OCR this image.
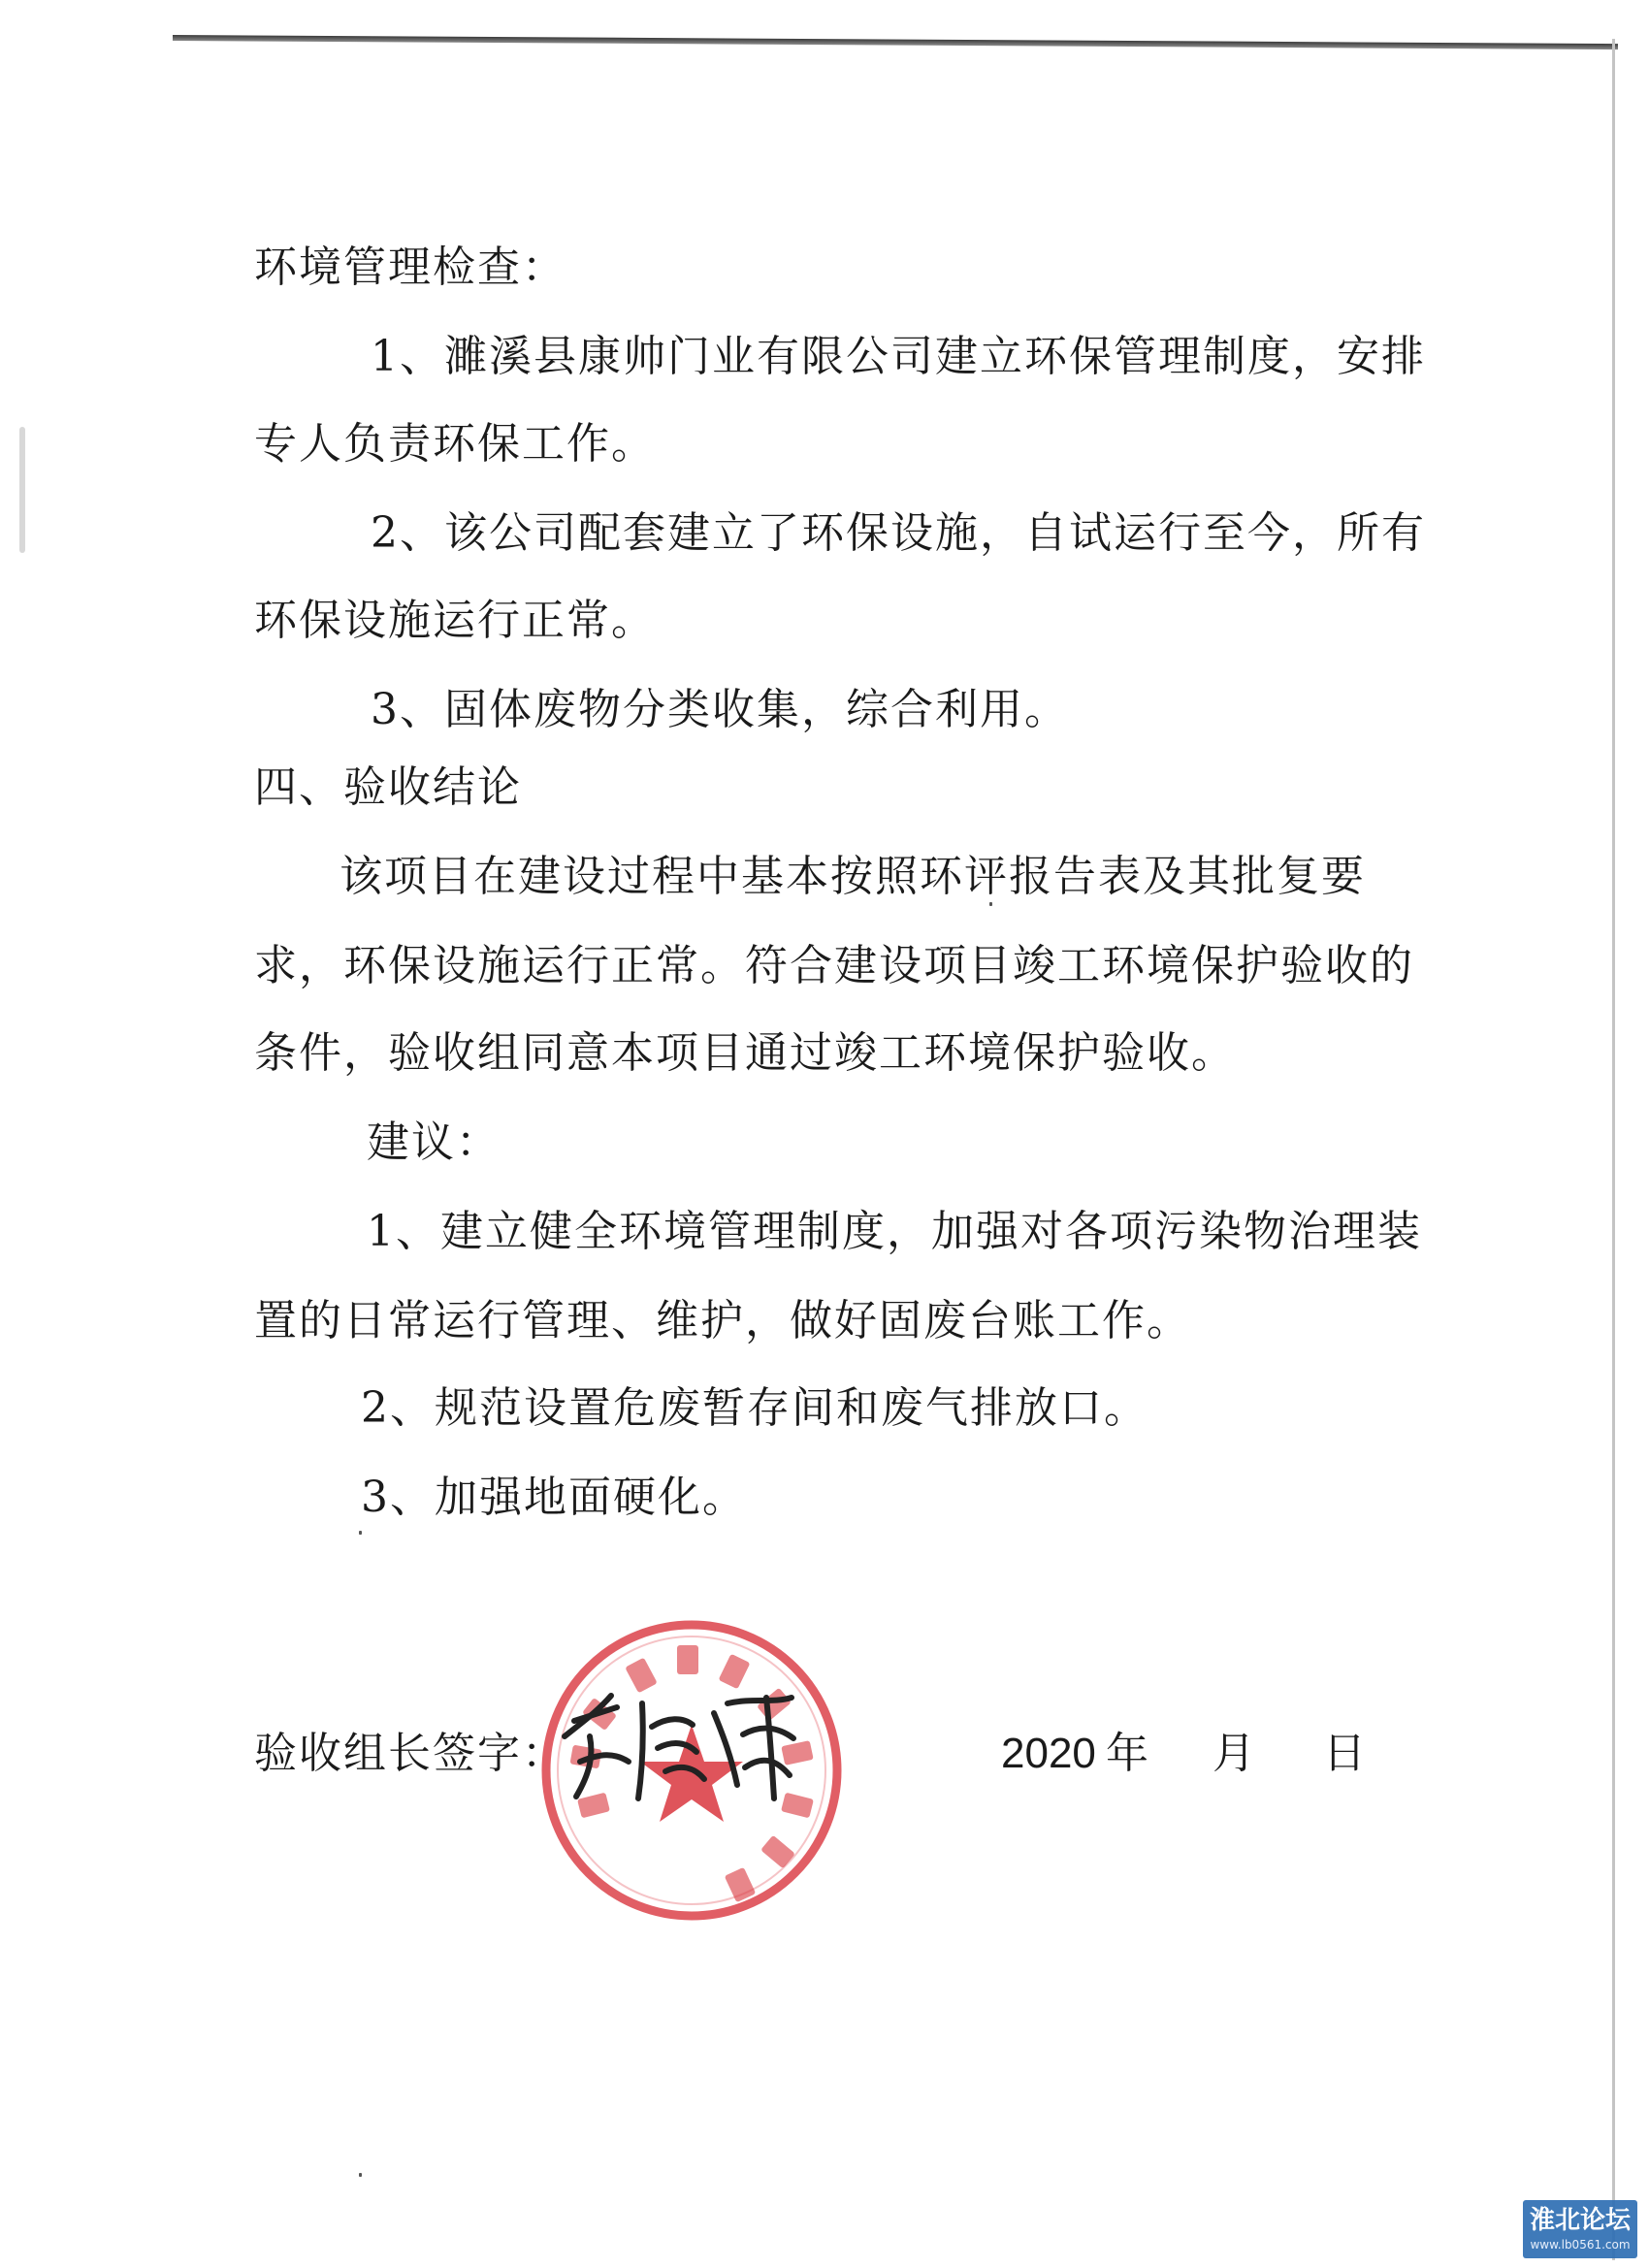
环境管理检查：
1、濉溪县康帅门业有限公司建立环保管理制度，安排
专人负责环保工作。
2、该公司配套建立了环保设施，自试运行至今，所有
环保设施运行正常。
3、固体废物分类收集，综合利用。
四、验收结论
该项目在建设过程中基本按照环评报告表及其批复要
求，环保设施运行正常。符合建设项目竣工环境保护验收的
条件，验收组同意本项目通过竣工环境保护验收。
建议：
1、建立健全环境管理制度，加强对各项污染物治理装
置的日常运行管理、维护，做好固废台账工作。
2、规范设置危废暂存间和废气排放口。
3、加强地面硬化。
验收组长签字：	2020 年 月 日
淮北论坛
www.lb0561.com
